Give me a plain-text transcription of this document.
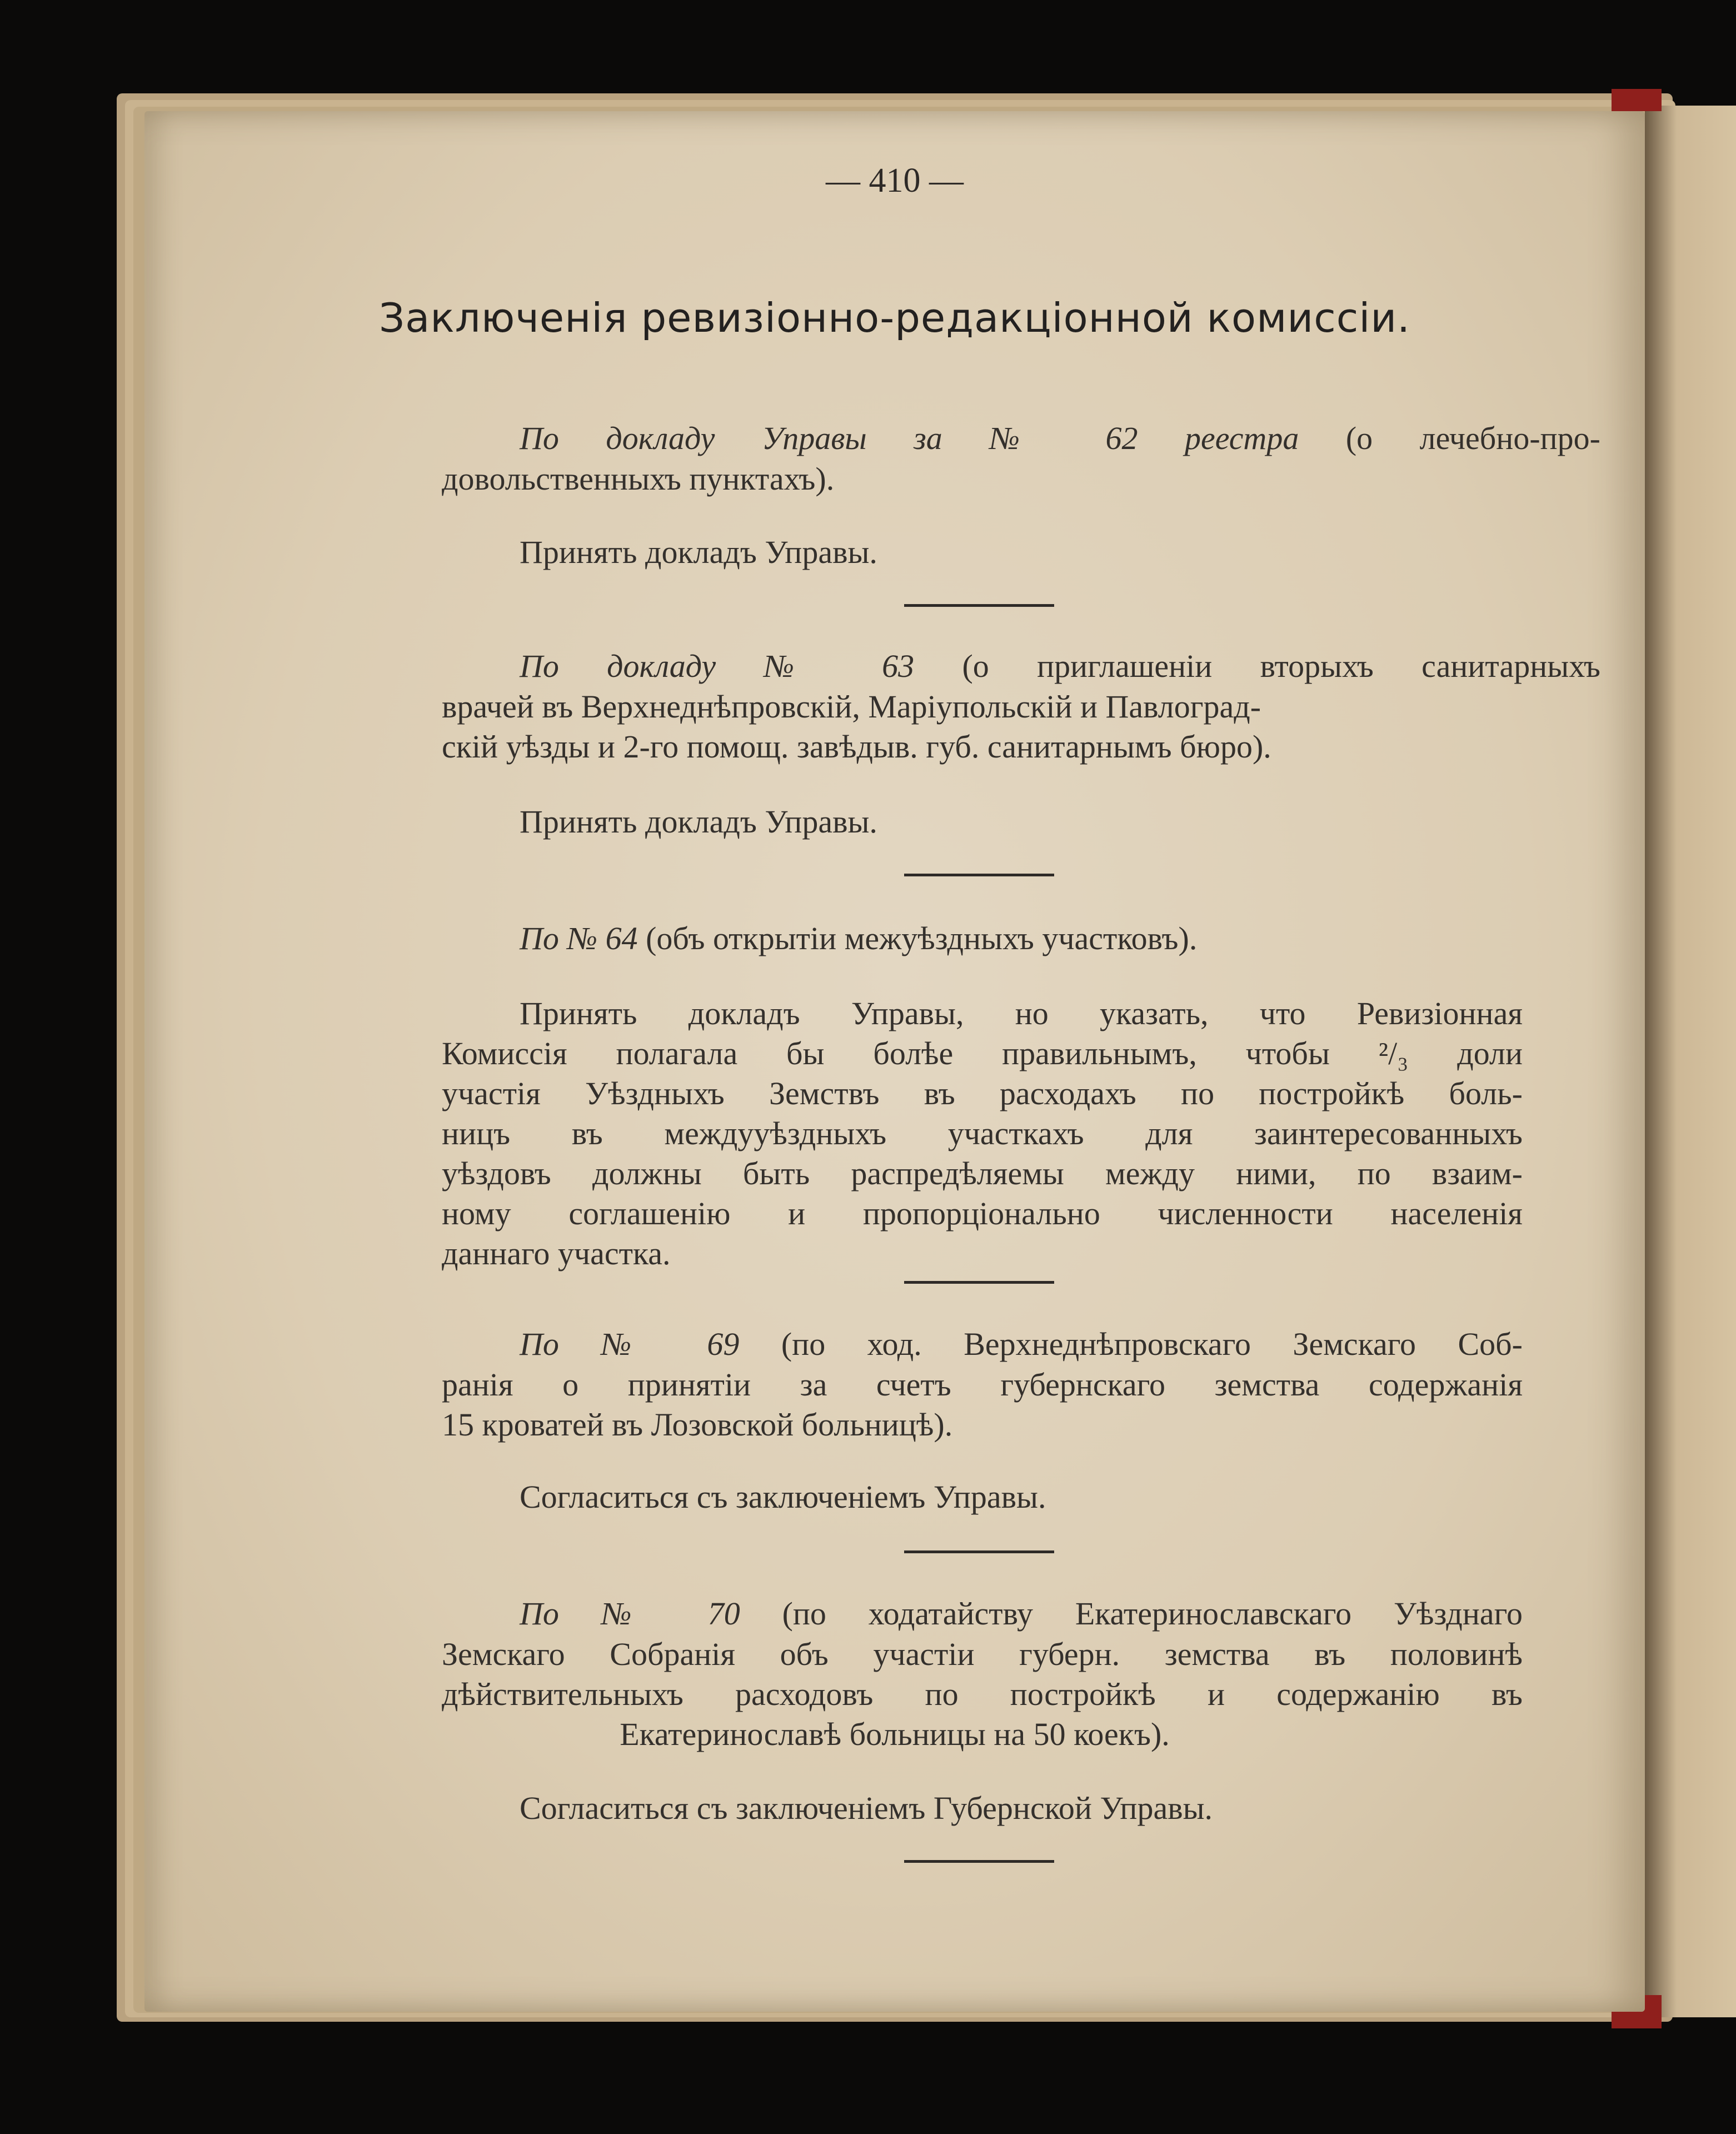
— 410 —
Заключенія ревизіонно-редакціонной комиссіи.
По докладу Управы за № 62 реестра (о лечебно-про-
довольственныхъ пунктахъ).
Принять докладъ Управы.
По докладу № 63 (о приглашеніи вторыхъ санитарныхъ
врачей въ Верхнеднѣпровскій, Маріупольскій и Павлоград-
скій уѣзды и 2-го помощ. завѣдыв. губ. санитарнымъ бюро).
Принять докладъ Управы.
По № 64 (объ открытіи межуѣздныхъ участковъ).
Принять докладъ Управы, но указать, что Ревизіонная
Комиссія полагала бы болѣе правильнымъ, чтобы ²/₃ доли
участія Уѣздныхъ Земствъ въ расходахъ по постройкѣ боль-
ницъ въ междууѣздныхъ участкахъ для заинтересованныхъ
уѣздовъ должны быть распредѣляемы между ними, по взаим-
ному соглашенію и пропорціонально численности населенія
даннаго участка.
По № 69 (по ход. Верхнеднѣпровскаго Земскаго Соб-
ранія о принятіи за счетъ губернскаго земства содержанія
15 кроватей въ Лозовской больницѣ).
Согласиться съ заключеніемъ Управы.
По № 70 (по ходатайству Екатеринославскаго Уѣзднаго
Земскаго Собранія объ участіи губерн. земства въ половинѣ
дѣйствительныхъ расходовъ по постройкѣ и содержанію въ
Екатеринославѣ больницы на 50 коекъ).
Согласиться съ заключеніемъ Губернской Управы.
